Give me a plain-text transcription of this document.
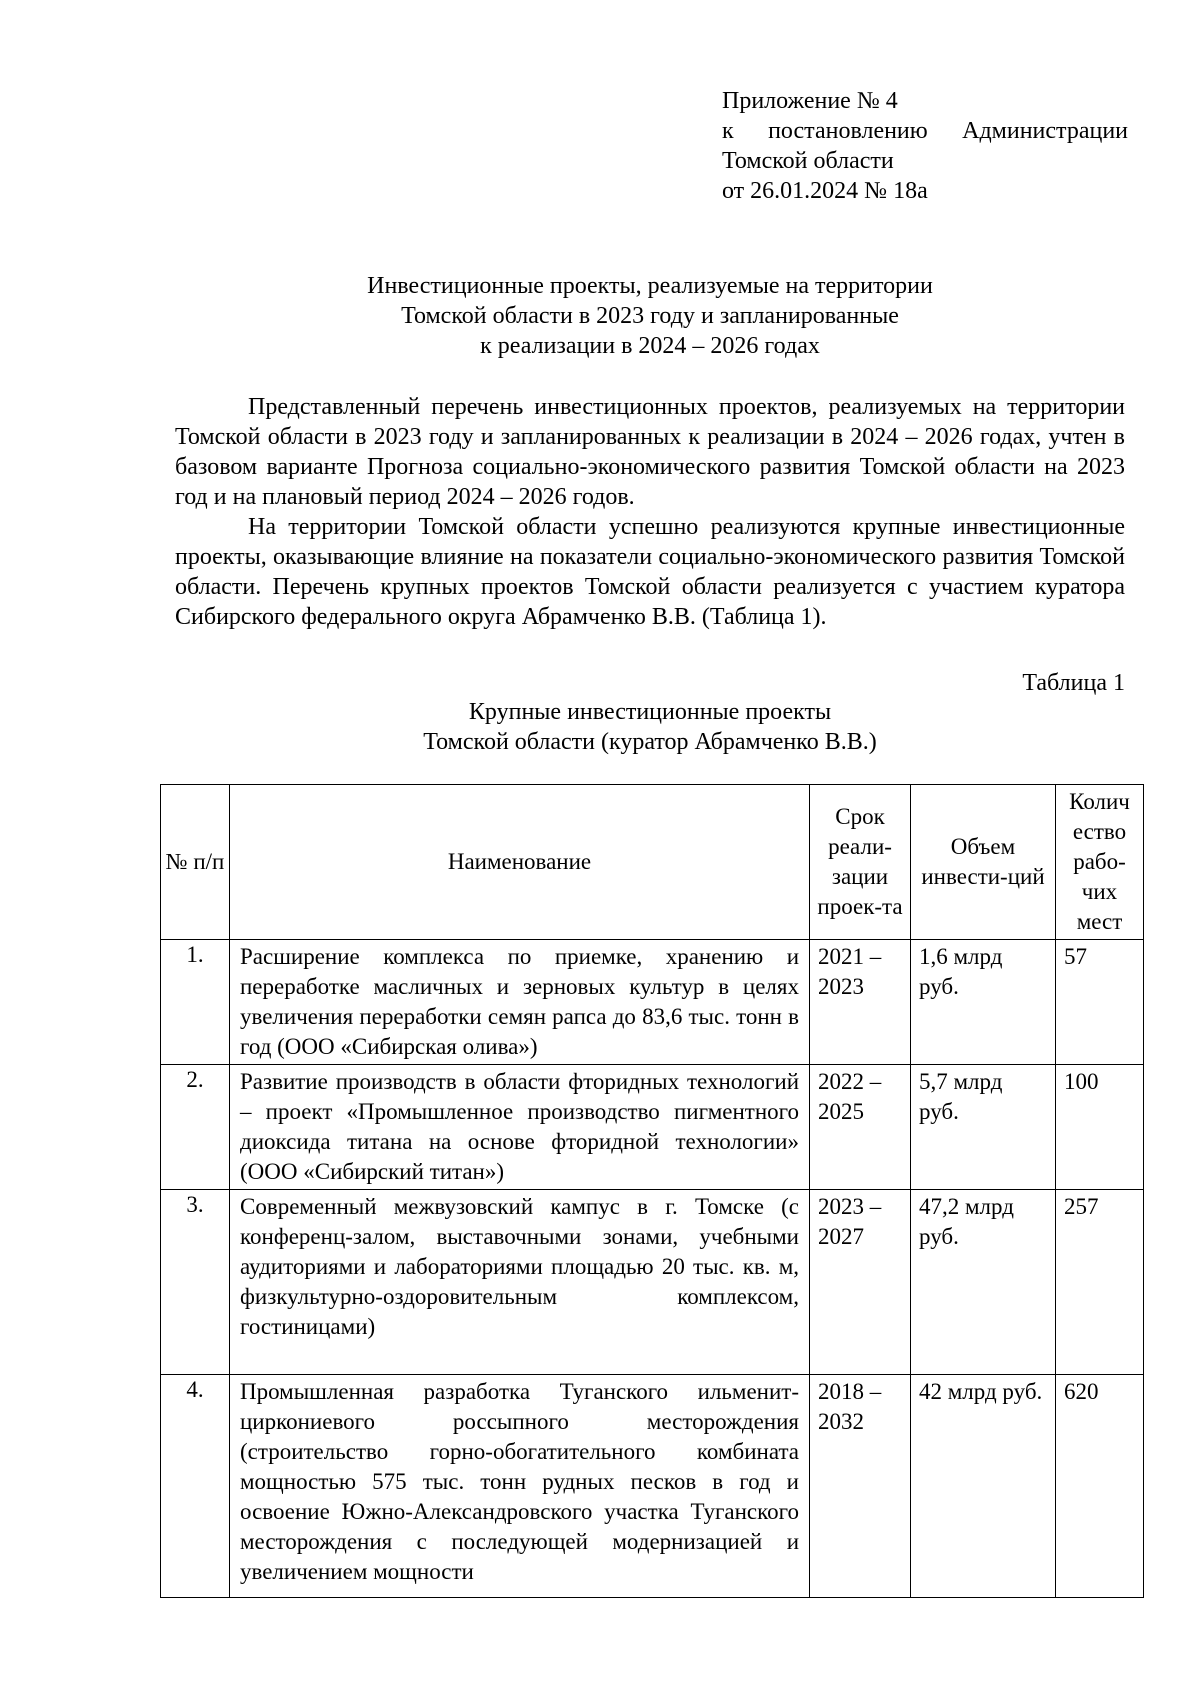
Приложение № 4
к постановлению Администрации
Томской области
от 26.01.2024 № 18а
Инвестиционные проекты, реализуемые на территории
Томской области в 2023 году и запланированные
к реализации в 2024 – 2026 годах

Представленный перечень инвестиционных проектов, реализуемых на территории Томской области в 2023 году и запланированных к реализации в 2024 – 2026 годах, учтен в базовом варианте Прогноза социально-экономического развития Томской области на 2023 год и на плановый период 2024 – 2026 годов.

На территории Томской области успешно реализуются крупные инвестиционные проекты, оказывающие влияние на показатели социально-экономического развития Томской области. Перечень крупных проектов Томской области реализуется с участием куратора Сибирского федерального округа Абрамченко В.В. (Таблица 1).

Таблица 1
Крупные инвестиционные проекты
Томской области (куратор Абрамченко В.В.)
№ п/п	Наименование	Срок реали-зации проек-та	Объем инвести-ций	Колич ество рабо-чих мест
1.	Расширение комплекса по приемке, хранению и переработке масличных и зерновых культур в целях увеличения переработки семян рапса до 83,6 тыс. тонн в год (ООО «Сибирская олива»)	2021 – 2023	1,6 млрд руб.	57
2.	Развитие производств в области фторидных технологий – проект «Промышленное производство пигментного диоксида титана на основе фторидной технологии» (ООО «Сибирский титан»)	2022 – 2025	5,7 млрд руб.	100
3.	Современный межвузовский кампус в г. Томске (с конференц-залом, выставочными зонами, учебными аудиториями и лабораториями площадью 20 тыс. кв. м, физкультурно-оздоровительным комплексом, гостиницами)	2023 – 2027	47,2 млрд руб.	257
4.	Промышленная разработка Туганского ильменит-циркониевого россыпного месторождения (строительство горно-обогатительного комбината мощностью 575 тыс. тонн рудных песков в год и освоение Южно-Александровского участка Туганского месторождения с последующей модернизацией и увеличением мощности	2018 – 2032	42 млрд руб.	620
